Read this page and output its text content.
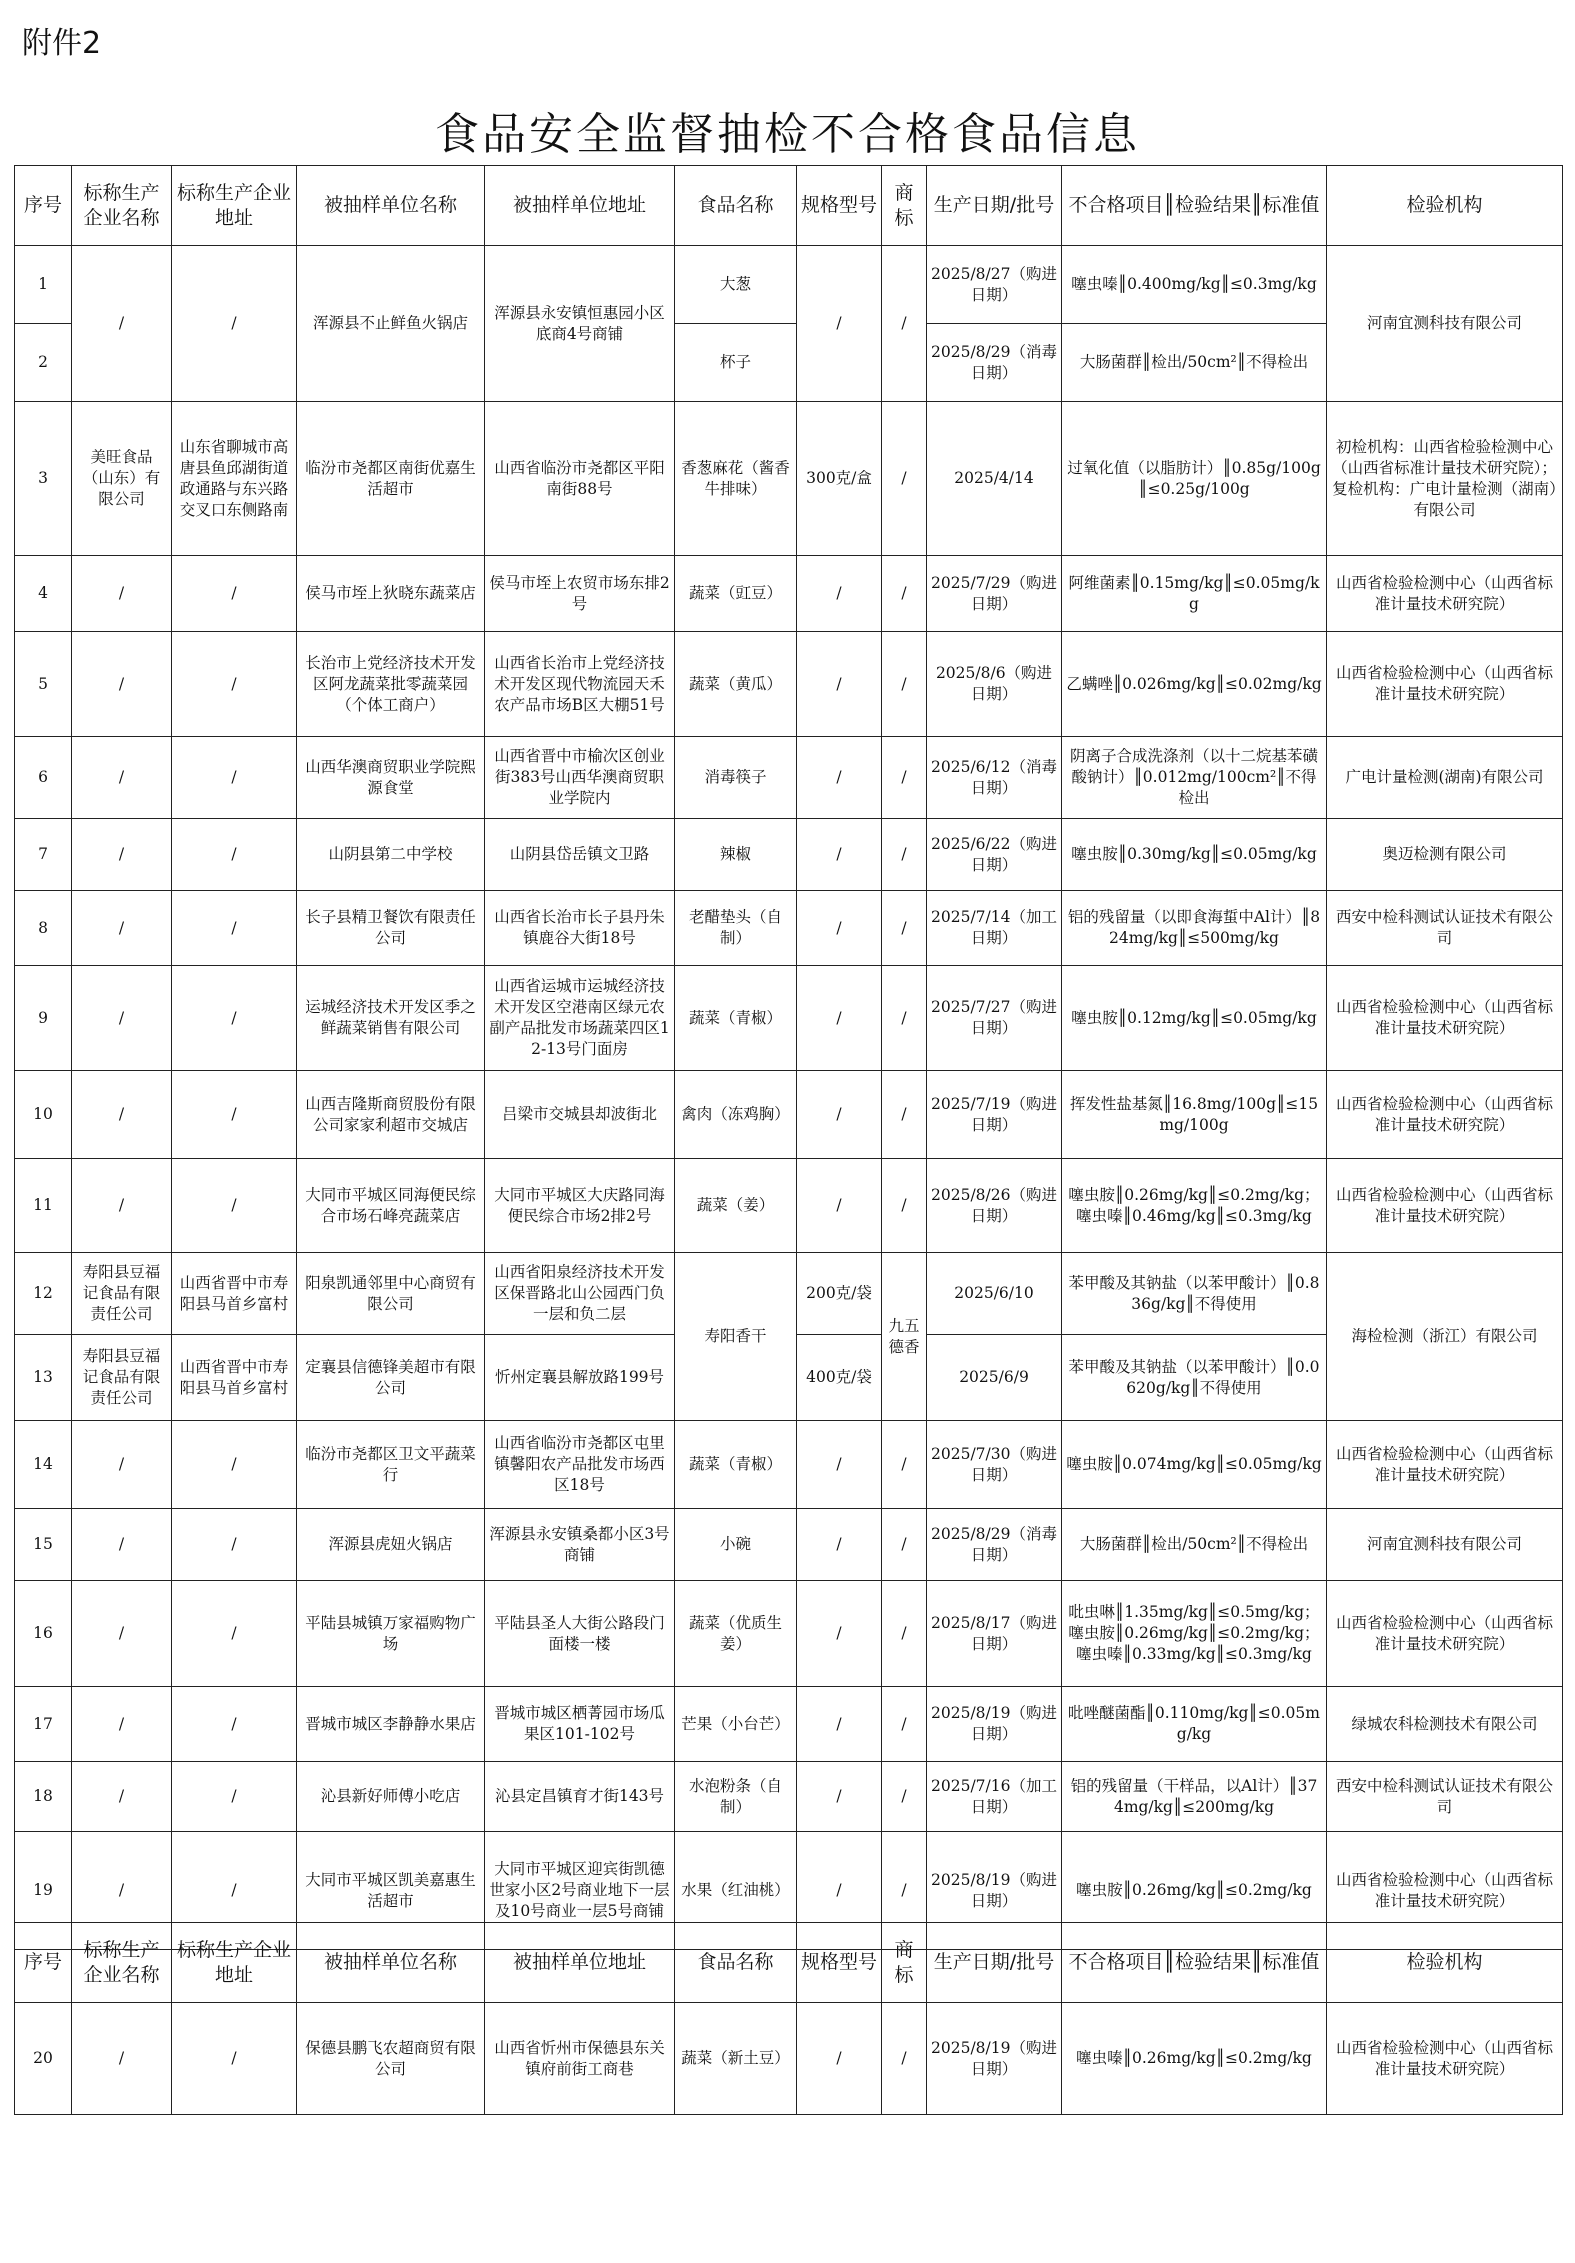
附件2
食品安全监督抽检不合格食品信息
序号	标称生产企业名称	标称生产企业地址	被抽样单位名称	被抽样单位地址	食品名称	规格型号	商标	生产日期/批号	不合格项目║检验结果║标准值	检验机构
1	/	/	浑源县不止鲜鱼火锅店	浑源县永安镇恒惠园小区底商4号商铺	大葱	/	/	2025/8/27（购进日期）	噻虫嗪║0.400mg/kg║≤0.3mg/kg	河南宜测科技有限公司
2					杯子			2025/8/29（消毒日期）	大肠菌群║检出/50cm²║不得检出	
3	美旺食品（山东）有限公司	山东省聊城市高唐县鱼邱湖街道政通路与东兴路交叉口东侧路南	临汾市尧都区南街优嘉生活超市	山西省临汾市尧都区平阳南街88号	香葱麻花（酱香牛排味）	300克/盒	/	2025/4/14	过氧化值（以脂肪计）║0.85g/100g║≤0.25g/100g	初检机构：山西省检验检测中心（山西省标准计量技术研究院）；复检机构：广电计量检测（湖南）有限公司
4	/	/	侯马市垤上狄晓东蔬菜店	侯马市垤上农贸市场东排2号	蔬菜（豇豆）	/	/	2025/7/29（购进日期）	阿维菌素║0.15mg/kg║≤0.05mg/kg	山西省检验检测中心（山西省标准计量技术研究院）
5	/	/	长治市上党经济技术开发区阿龙蔬菜批零蔬菜园（个体工商户）	山西省长治市上党经济技术开发区现代物流园天禾农产品市场B区大棚51号	蔬菜（黄瓜）	/	/	2025/8/6（购进日期）	乙螨唑║0.026mg/kg║≤0.02mg/kg	山西省检验检测中心（山西省标准计量技术研究院）
6	/	/	山西华澳商贸职业学院熙源食堂	山西省晋中市榆次区创业街383号山西华澳商贸职业学院内	消毒筷子	/	/	2025/6/12（消毒日期）	阴离子合成洗涤剂（以十二烷基苯磺酸钠计）║0.012mg/100cm²║不得检出	广电计量检测(湖南)有限公司
7	/	/	山阴县第二中学校	山阴县岱岳镇文卫路	辣椒	/	/	2025/6/22（购进日期）	噻虫胺║0.30mg/kg║≤0.05mg/kg	奥迈检测有限公司
8	/	/	长子县精卫餐饮有限责任公司	山西省长治市长子县丹朱镇鹿谷大街18号	老醋垫头（自制）	/	/	2025/7/14（加工日期）	铝的残留量（以即食海蜇中Al计）║824mg/kg║≤500mg/kg	西安中检科测试认证技术有限公司
9	/	/	运城经济技术开发区季之鲜蔬菜销售有限公司	山西省运城市运城经济技术开发区空港南区绿元农副产品批发市场蔬菜四区12-13号门面房	蔬菜（青椒）	/	/	2025/7/27（购进日期）	噻虫胺║0.12mg/kg║≤0.05mg/kg	山西省检验检测中心（山西省标准计量技术研究院）
10	/	/	山西吉隆斯商贸股份有限公司家家利超市交城店	吕梁市交城县却波街北	禽肉（冻鸡胸）	/	/	2025/7/19（购进日期）	挥发性盐基氮║16.8mg/100g║≤15mg/100g	山西省检验检测中心（山西省标准计量技术研究院）
11	/	/	大同市平城区同海便民综合市场石峰亮蔬菜店	大同市平城区大庆路同海便民综合市场2排2号	蔬菜（姜）	/	/	2025/8/26（购进日期）	噻虫胺║0.26mg/kg║≤0.2mg/kg；噻虫嗪║0.46mg/kg║≤0.3mg/kg	山西省检验检测中心（山西省标准计量技术研究院）
12	寿阳县豆福记食品有限责任公司	山西省晋中市寿阳县马首乡富村	阳泉凯通邻里中心商贸有限公司	山西省阳泉经济技术开发区保晋路北山公园西门负一层和负二层	寿阳香干	200克/袋	九五德香	2025/6/10	苯甲酸及其钠盐（以苯甲酸计）║0.836g/kg║不得使用	海检检测（浙江）有限公司
13	寿阳县豆福记食品有限责任公司	山西省晋中市寿阳县马首乡富村	定襄县信德锋美超市有限公司	忻州定襄县解放路199号		400克/袋		2025/6/9	苯甲酸及其钠盐（以苯甲酸计）║0.0620g/kg║不得使用	
14	/	/	临汾市尧都区卫文平蔬菜行	山西省临汾市尧都区屯里镇馨阳农产品批发市场西区18号	蔬菜（青椒）	/	/	2025/7/30（购进日期）	噻虫胺║0.074mg/kg║≤0.05mg/kg	山西省检验检测中心（山西省标准计量技术研究院）
15	/	/	浑源县虎妞火锅店	浑源县永安镇桑都小区3号商铺	小碗	/	/	2025/8/29（消毒日期）	大肠菌群║检出/50cm²║不得检出	河南宜测科技有限公司
16	/	/	平陆县城镇万家福购物广场	平陆县圣人大街公路段门面楼一楼	蔬菜（优质生姜）	/	/	2025/8/17（购进日期）	吡虫啉║1.35mg/kg║≤0.5mg/kg；噻虫胺║0.26mg/kg║≤0.2mg/kg；噻虫嗪║0.33mg/kg║≤0.3mg/kg	山西省检验检测中心（山西省标准计量技术研究院）
17	/	/	晋城市城区李静静水果店	晋城市城区栖菁园市场瓜果区101-102号	芒果（小台芒）	/	/	2025/8/19（购进日期）	吡唑醚菌酯║0.110mg/kg║≤0.05mg/kg	绿城农科检测技术有限公司
18	/	/	沁县新好师傅小吃店	沁县定昌镇育才街143号	水泡粉条（自制）	/	/	2025/7/16（加工日期）	铝的残留量（干样品，以Al计）║374mg/kg║≤200mg/kg	西安中检科测试认证技术有限公司
19	/	/	大同市平城区凯美嘉惠生活超市	大同市平城区迎宾街凯德世家小区2号商业地下一层及10号商业一层5号商铺	水果（红油桃）	/	/	2025/8/19（购进日期）	噻虫胺║0.26mg/kg║≤0.2mg/kg	山西省检验检测中心（山西省标准计量技术研究院）
序号	标称生产企业名称	标称生产企业地址	被抽样单位名称	被抽样单位地址	食品名称	规格型号	商标	生产日期/批号	不合格项目║检验结果║标准值	检验机构
20	/	/	保德县鹏飞农超商贸有限公司	山西省忻州市保德县东关镇府前街工商巷	蔬菜（新土豆）	/	/	2025/8/19（购进日期）	噻虫嗪║0.26mg/kg║≤0.2mg/kg	山西省检验检测中心（山西省标准计量技术研究院）
